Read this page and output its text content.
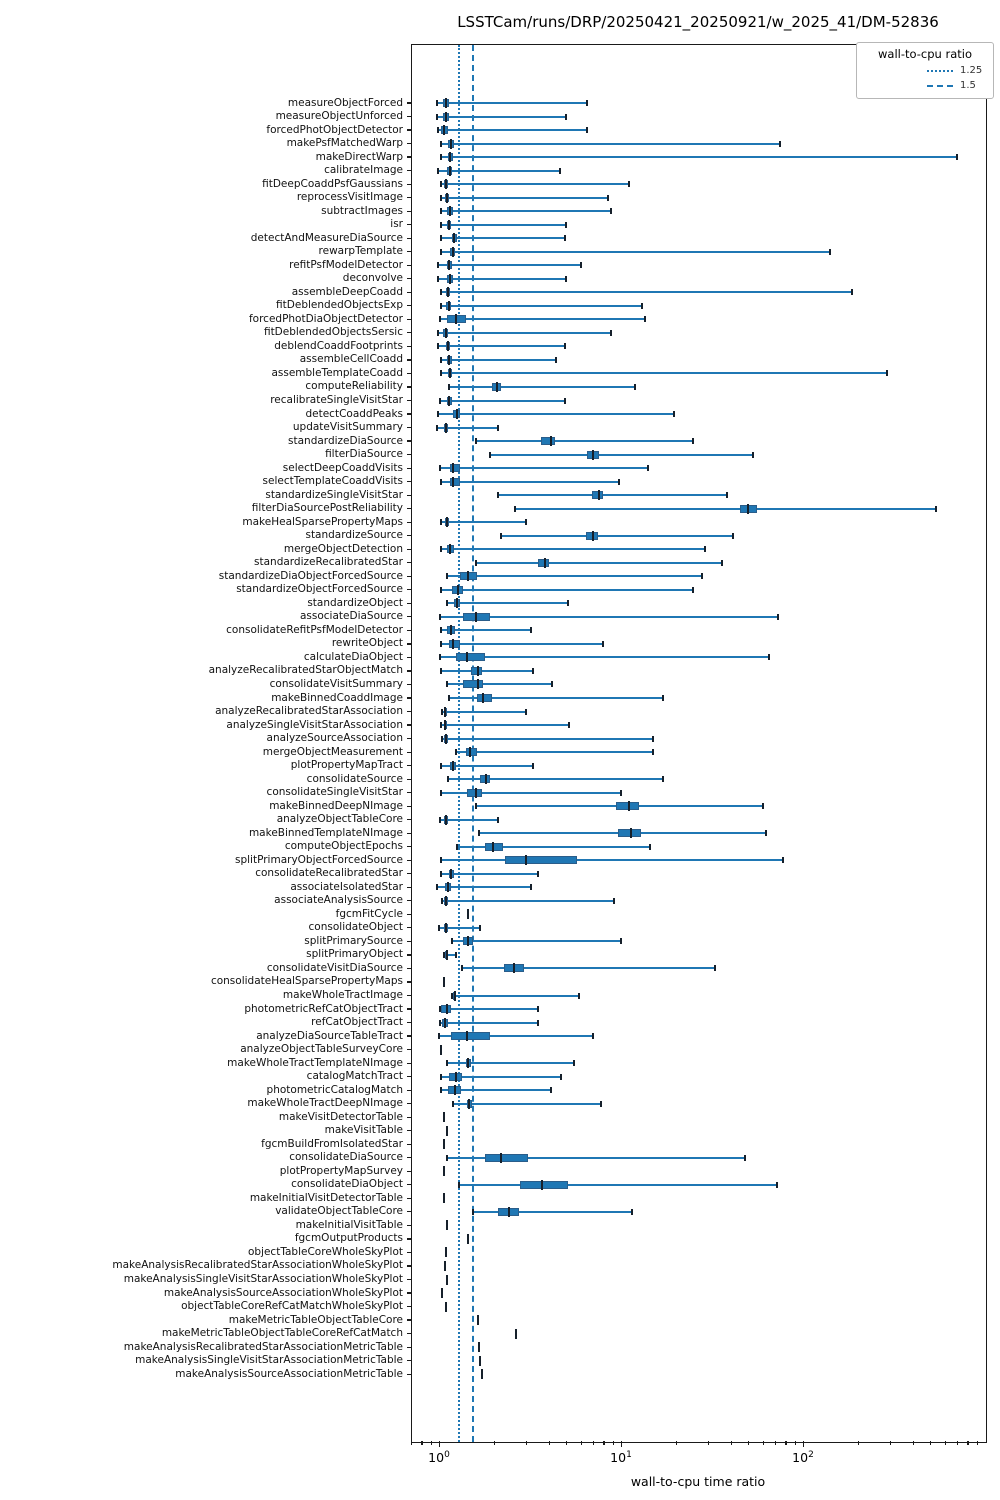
LSSTCam/runs/DRP/20250421_20250921/w_2025_41/DM-52836
wall-to-cpu ratio
1.25
1.5
wall-to-cpu time ratio
$10^0$	$10^1$	$10^2$
measureObjectForced
measureObjectUnforced
forcedPhotObjectDetector
makePsfMatchedWarp
makeDirectWarp
calibrateImage
fitDeepCoaddPsfGaussians
reprocessVisitImage
subtractImages
isr
detectAndMeasureDiaSource
rewarpTemplate
refitPsfModelDetector
deconvolve
assembleDeepCoadd
fitDeblendedObjectsExp
forcedPhotDiaObjectDetector
fitDeblendedObjectsSersic
deblendCoaddFootprints
assembleCellCoadd
assembleTemplateCoadd
computeReliability
recalibrateSingleVisitStar
detectCoaddPeaks
updateVisitSummary
standardizeDiaSource
filterDiaSource
selectDeepCoaddVisits
selectTemplateCoaddVisits
standardizeSingleVisitStar
filterDiaSourcePostReliability
makeHealSparsePropertyMaps
standardizeSource
mergeObjectDetection
standardizeRecalibratedStar
standardizeDiaObjectForcedSource
standardizeObjectForcedSource
standardizeObject
associateDiaSource
consolidateRefitPsfModelDetector
rewriteObject
calculateDiaObject
analyzeRecalibratedStarObjectMatch
consolidateVisitSummary
makeBinnedCoaddImage
analyzeRecalibratedStarAssociation
analyzeSingleVisitStarAssociation
analyzeSourceAssociation
mergeObjectMeasurement
plotPropertyMapTract
consolidateSource
consolidateSingleVisitStar
makeBinnedDeepNImage
analyzeObjectTableCore
makeBinnedTemplateNImage
computeObjectEpochs
splitPrimaryObjectForcedSource
consolidateRecalibratedStar
associateIsolatedStar
associateAnalysisSource
fgcmFitCycle
consolidateObject
splitPrimarySource
splitPrimaryObject
consolidateVisitDiaSource
consolidateHealSparsePropertyMaps
makeWholeTractImage
photometricRefCatObjectTract
refCatObjectTract
analyzeDiaSourceTableTract
analyzeObjectTableSurveyCore
makeWholeTractTemplateNImage
catalogMatchTract
photometricCatalogMatch
makeWholeTractDeepNImage
makeVisitDetectorTable
makeVisitTable
fgcmBuildFromIsolatedStar
consolidateDiaSource
plotPropertyMapSurvey
consolidateDiaObject
makeInitialVisitDetectorTable
validateObjectTableCore
makeInitialVisitTable
fgcmOutputProducts
objectTableCoreWholeSkyPlot
makeAnalysisRecalibratedStarAssociationWholeSkyPlot
makeAnalysisSingleVisitStarAssociationWholeSkyPlot
makeAnalysisSourceAssociationWholeSkyPlot
objectTableCoreRefCatMatchWholeSkyPlot
makeMetricTableObjectTableCore
makeMetricTableObjectTableCoreRefCatMatch
makeAnalysisRecalibratedStarAssociationMetricTable
makeAnalysisSingleVisitStarAssociationMetricTable
makeAnalysisSourceAssociationMetricTable
